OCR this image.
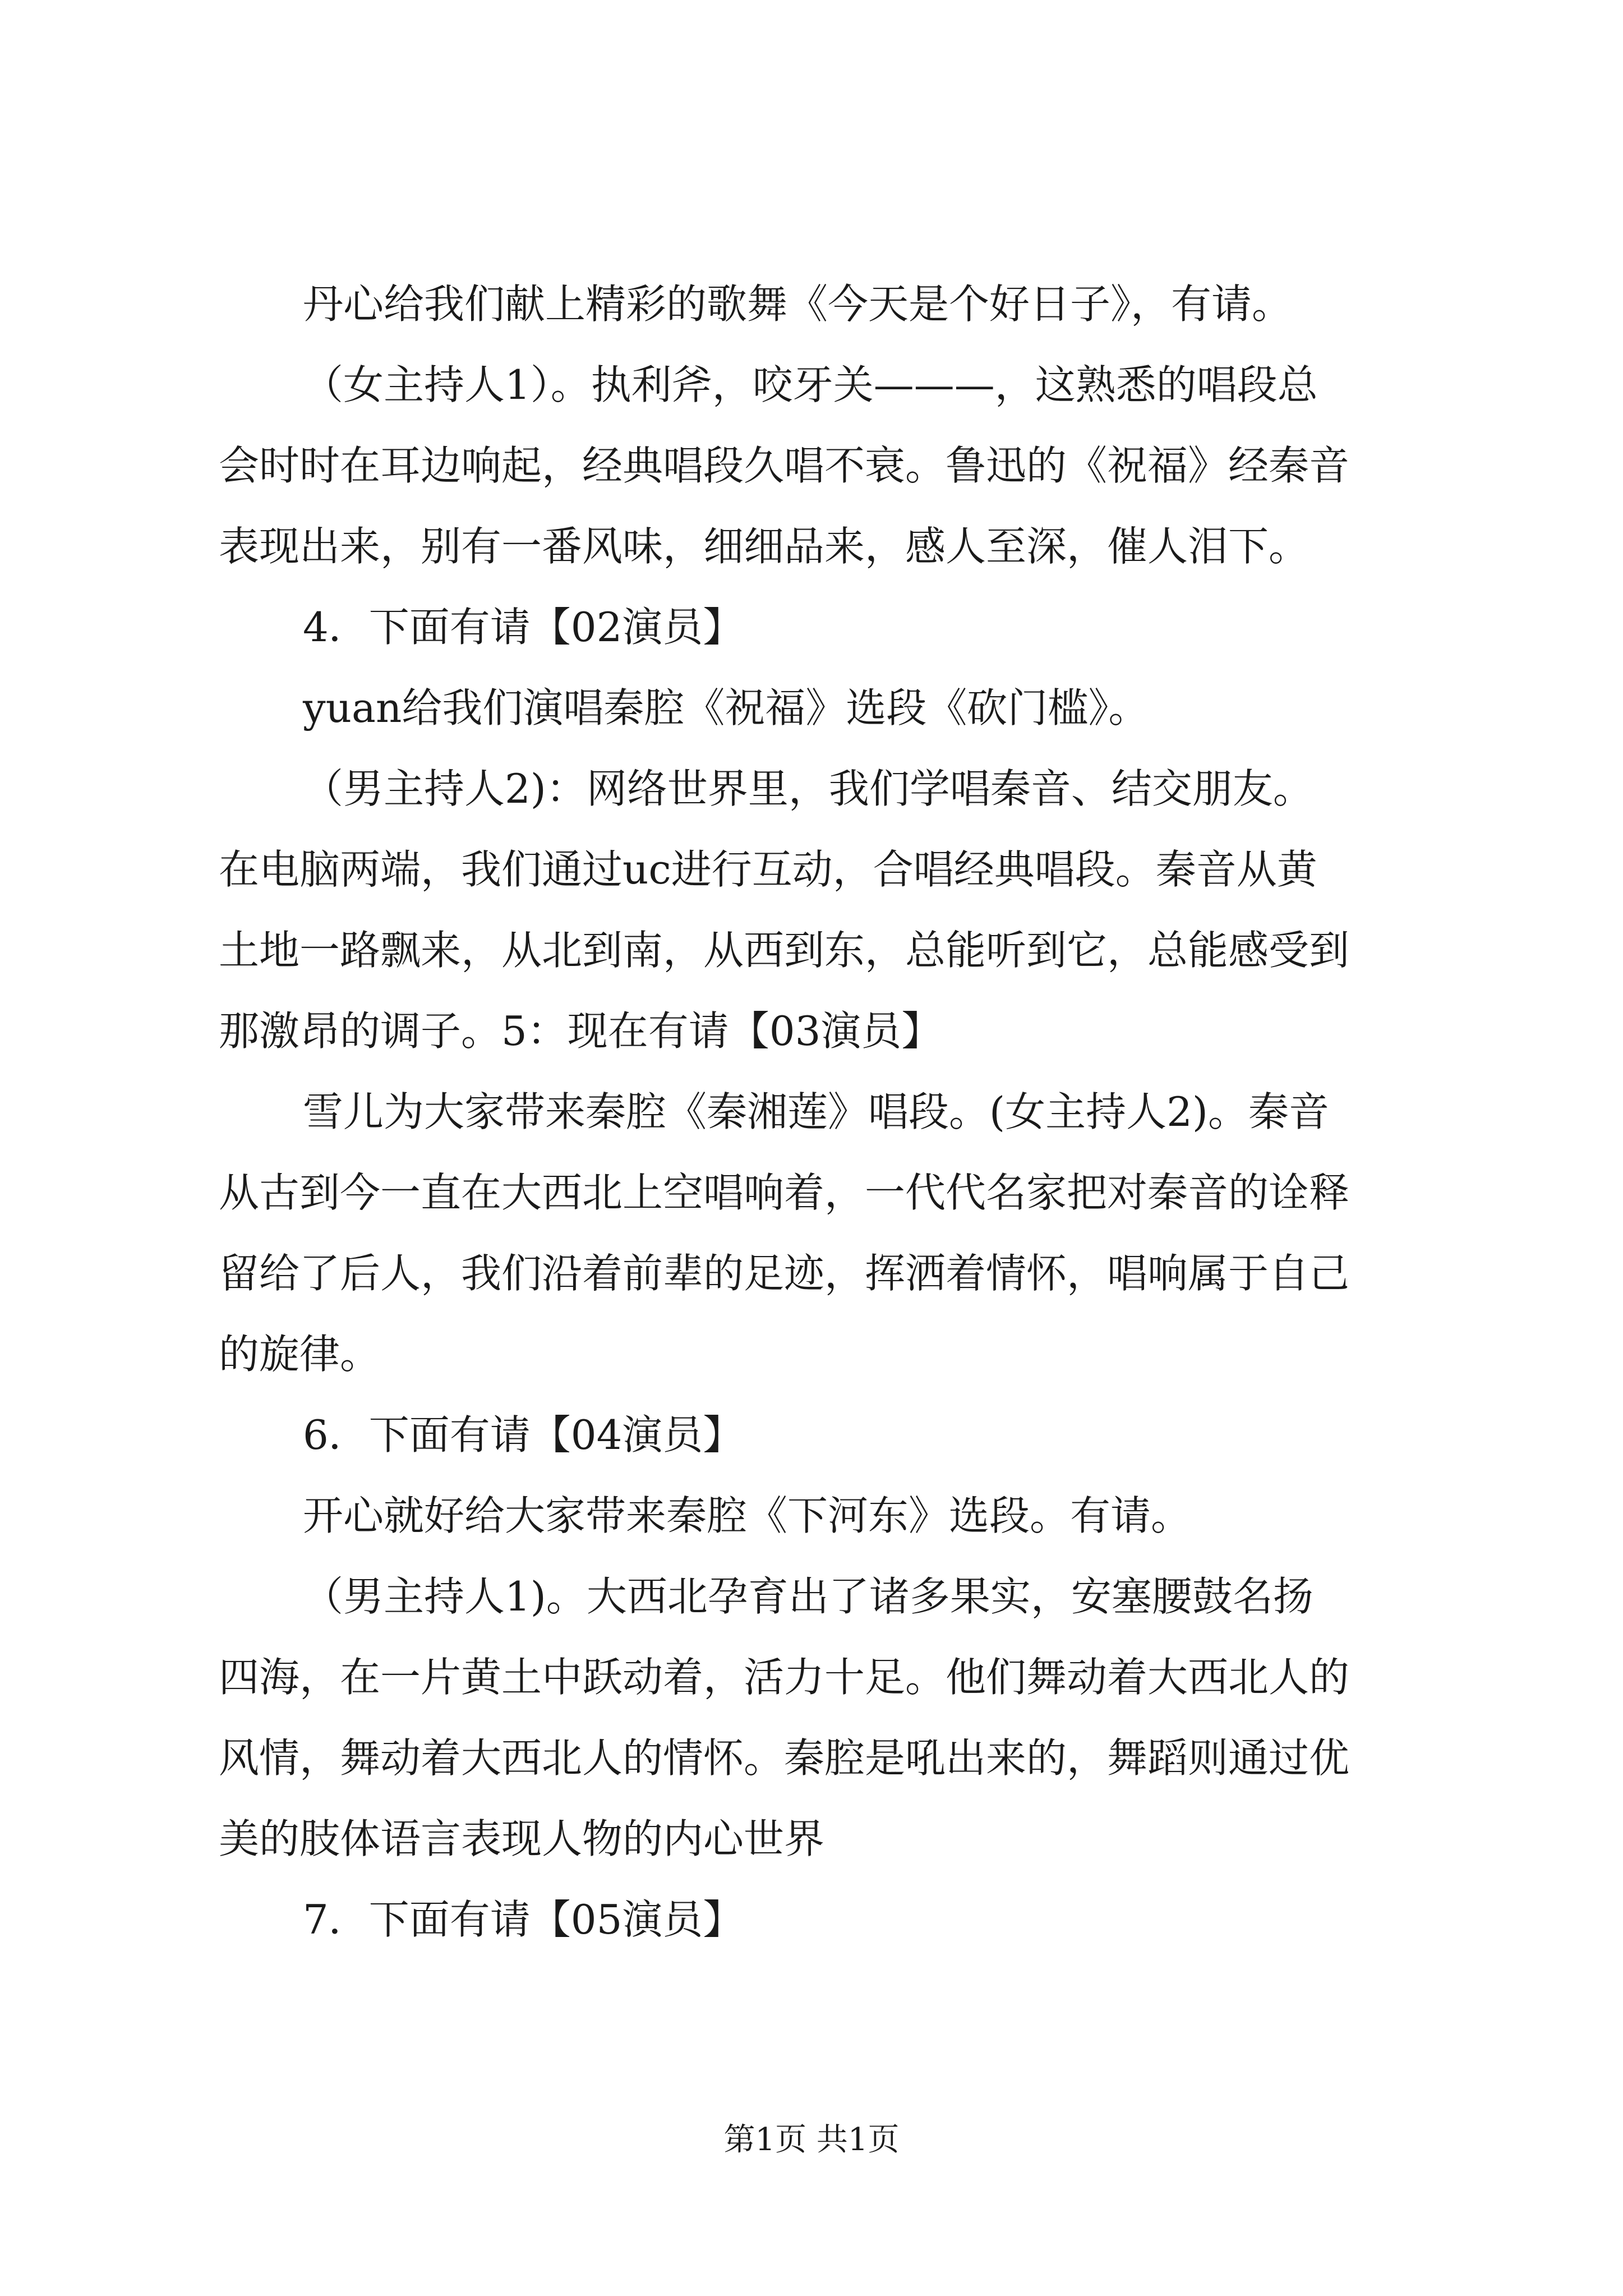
丹心给我们献上精彩的歌舞《今天是个好日子》，有请。
（女主持人1）。执利斧，咬牙关———，这熟悉的唱段总
会时时在耳边响起，经典唱段久唱不衰。鲁迅的《祝福》经秦音
表现出来，别有一番风味，细细品来，感人至深，催人泪下。
4．下面有请【02演员】
yuan给我们演唱秦腔《祝福》选段《砍门槛》。
（男主持人2)：网络世界里，我们学唱秦音、结交朋友。
在电脑两端，我们通过uc进行互动，合唱经典唱段。秦音从黄
土地一路飘来，从北到南，从西到东，总能听到它，总能感受到
那激昂的调子。5：现在有请【03演员】
雪儿为大家带来秦腔《秦湘莲》唱段。(女主持人2)。秦音
从古到今一直在大西北上空唱响着，一代代名家把对秦音的诠释
留给了后人，我们沿着前辈的足迹，挥洒着情怀，唱响属于自己
的旋律。
6．下面有请【04演员】
开心就好给大家带来秦腔《下河东》选段。有请。
（男主持人1)。大西北孕育出了诸多果实，安塞腰鼓名扬
四海，在一片黄土中跃动着，活力十足。他们舞动着大西北人的
风情，舞动着大西北人的情怀。秦腔是吼出来的，舞蹈则通过优
美的肢体语言表现人物的内心世界
7．下面有请【05演员】
第1页 共1页
